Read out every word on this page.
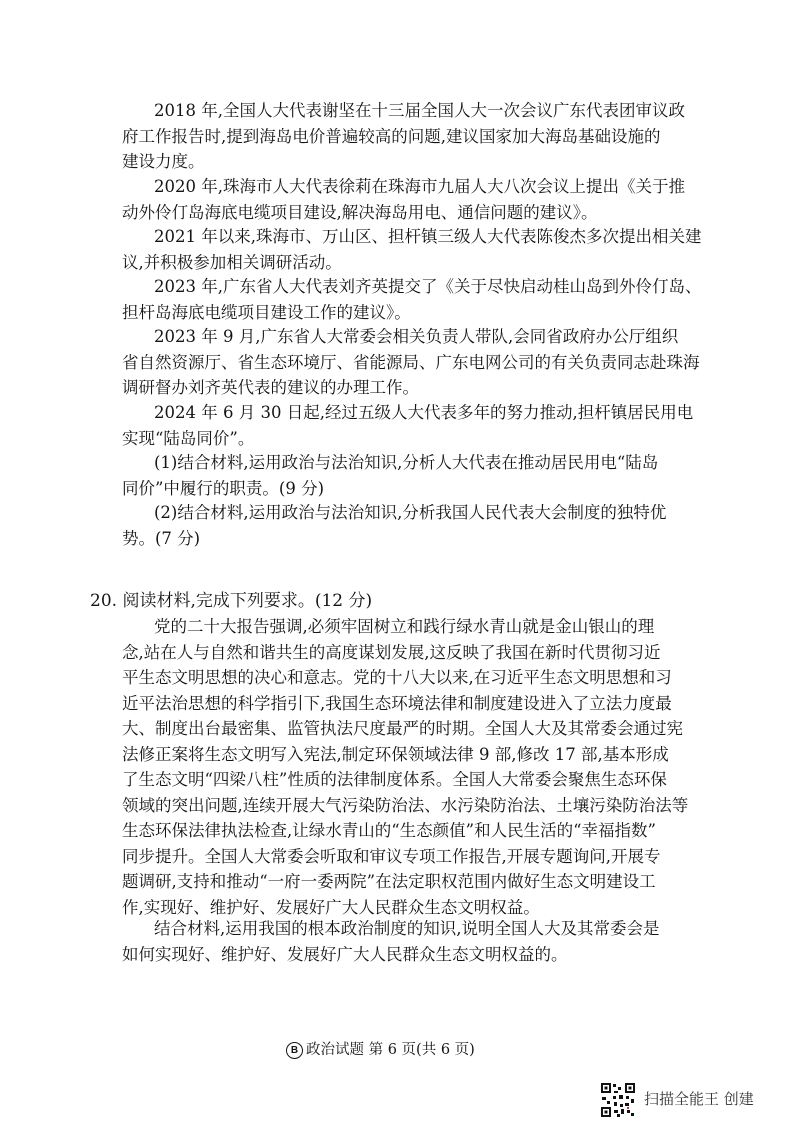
2018 年,全国人大代表谢坚在十三届全国人大一次会议广东代表团审议政
府工作报告时,提到海岛电价普遍较高的问题,建议国家加大海岛基础设施的
建设力度。

2020 年,珠海市人大代表徐莉在珠海市九届人大八次会议上提出《关于推
动外伶仃岛海底电缆项目建设,解决海岛用电、通信问题的建议》。

2021 年以来,珠海市、万山区、担杆镇三级人大代表陈俊杰多次提出相关建
议,并积极参加相关调研活动。

2023 年,广东省人大代表刘齐英提交了《关于尽快启动桂山岛到外伶仃岛、
担杆岛海底电缆项目建设工作的建议》。

2023 年 9 月,广东省人大常委会相关负责人带队,会同省政府办公厅组织
省自然资源厅、省生态环境厅、省能源局、广东电网公司的有关负责同志赴珠海
调研督办刘齐英代表的建议的办理工作。

2024 年 6 月 30 日起,经过五级人大代表多年的努力推动,担杆镇居民用电
实现“陆岛同价”。

(1)结合材料,运用政治与法治知识,分析人大代表在推动居民用电“陆岛
同价”中履行的职责。(9 分)

(2)结合材料,运用政治与法治知识,分析我国人民代表大会制度的独特优
势。(7 分)

20. 阅读材料,完成下列要求。(12 分)

党的二十大报告强调,必须牢固树立和践行绿水青山就是金山银山的理
念,站在人与自然和谐共生的高度谋划发展,这反映了我国在新时代贯彻习近
平生态文明思想的决心和意志。党的十八大以来,在习近平生态文明思想和习
近平法治思想的科学指引下,我国生态环境法律和制度建设进入了立法力度最
大、制度出台最密集、监管执法尺度最严的时期。全国人大及其常委会通过宪
法修正案将生态文明写入宪法,制定环保领域法律 9 部,修改 17 部,基本形成
了生态文明“四梁八柱”性质的法律制度体系。全国人大常委会聚焦生态环保
领域的突出问题,连续开展大气污染防治法、水污染防治法、土壤污染防治法等
生态环保法律执法检查,让绿水青山的“生态颜值”和人民生活的“幸福指数”
同步提升。全国人大常委会听取和审议专项工作报告,开展专题询问,开展专
题调研,支持和推动“一府一委两院”在法定职权范围内做好生态文明建设工
作,实现好、维护好、发展好广大人民群众生态文明权益。

结合材料,运用我国的根本政治制度的知识,说明全国人大及其常委会是
如何实现好、维护好、发展好广大人民群众生态文明权益的。

B 政治试题 第 6 页(共 6 页)
扫描全能王 创建
